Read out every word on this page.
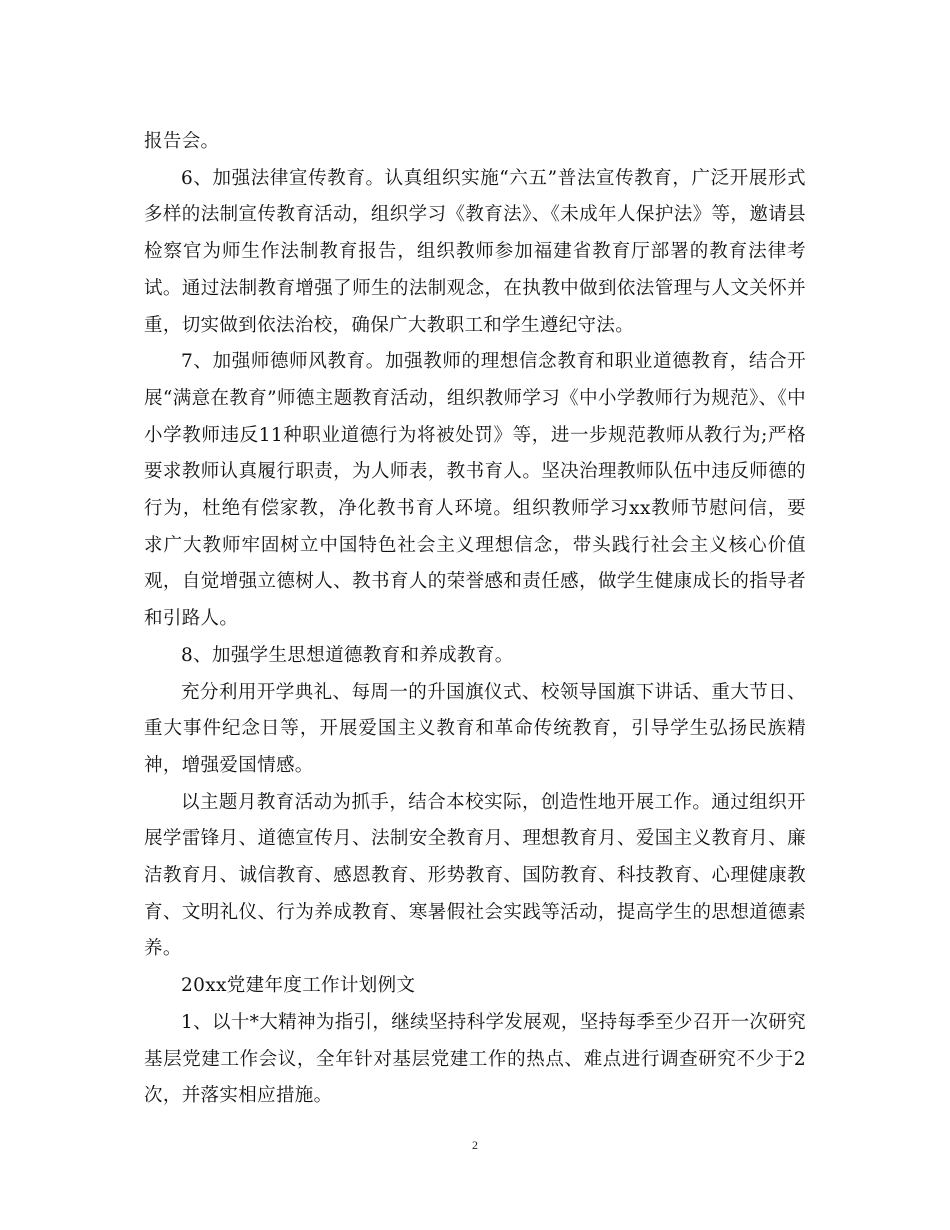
报告会。

6、加强法律宣传教育。认真组织实施“六五”普法宣传教育，广泛开展形式多样的法制宣传教育活动，组织学习《教育法》、《未成年人保护法》等，邀请县检察官为师生作法制教育报告，组织教师参加福建省教育厅部署的教育法律考试。通过法制教育增强了师生的法制观念，在执教中做到依法管理与人文关怀并重，切实做到依法治校，确保广大教职工和学生遵纪守法。

7、加强师德师风教育。加强教师的理想信念教育和职业道德教育，结合开展“满意在教育”师德主题教育活动，组织教师学习《中小学教师行为规范》、《中小学教师违反11种职业道德行为将被处罚》等，进一步规范教师从教行为;严格要求教师认真履行职责，为人师表，教书育人。坚决治理教师队伍中违反师德的行为，杜绝有偿家教，净化教书育人环境。组织教师学习xx教师节慰问信，要求广大教师牢固树立中国特色社会主义理想信念，带头践行社会主义核心价值观，自觉增强立德树人、教书育人的荣誉感和责任感，做学生健康成长的指导者和引路人。

8、加强学生思想道德教育和养成教育。

充分利用开学典礼、每周一的升国旗仪式、校领导国旗下讲话、重大节日、重大事件纪念日等，开展爱国主义教育和革命传统教育，引导学生弘扬民族精神，增强爱国情感。

以主题月教育活动为抓手，结合本校实际，创造性地开展工作。通过组织开展学雷锋月、道德宣传月、法制安全教育月、理想教育月、爱国主义教育月、廉洁教育月、诚信教育、感恩教育、形势教育、国防教育、科技教育、心理健康教育、文明礼仪、行为养成教育、寒暑假社会实践等活动，提高学生的思想道德素养。

20xx党建年度工作计划例文

1、以十*大精神为指引，继续坚持科学发展观，坚持每季至少召开一次研究基层党建工作会议，全年针对基层党建工作的热点、难点进行调查研究不少于2次，并落实相应措施。

2
